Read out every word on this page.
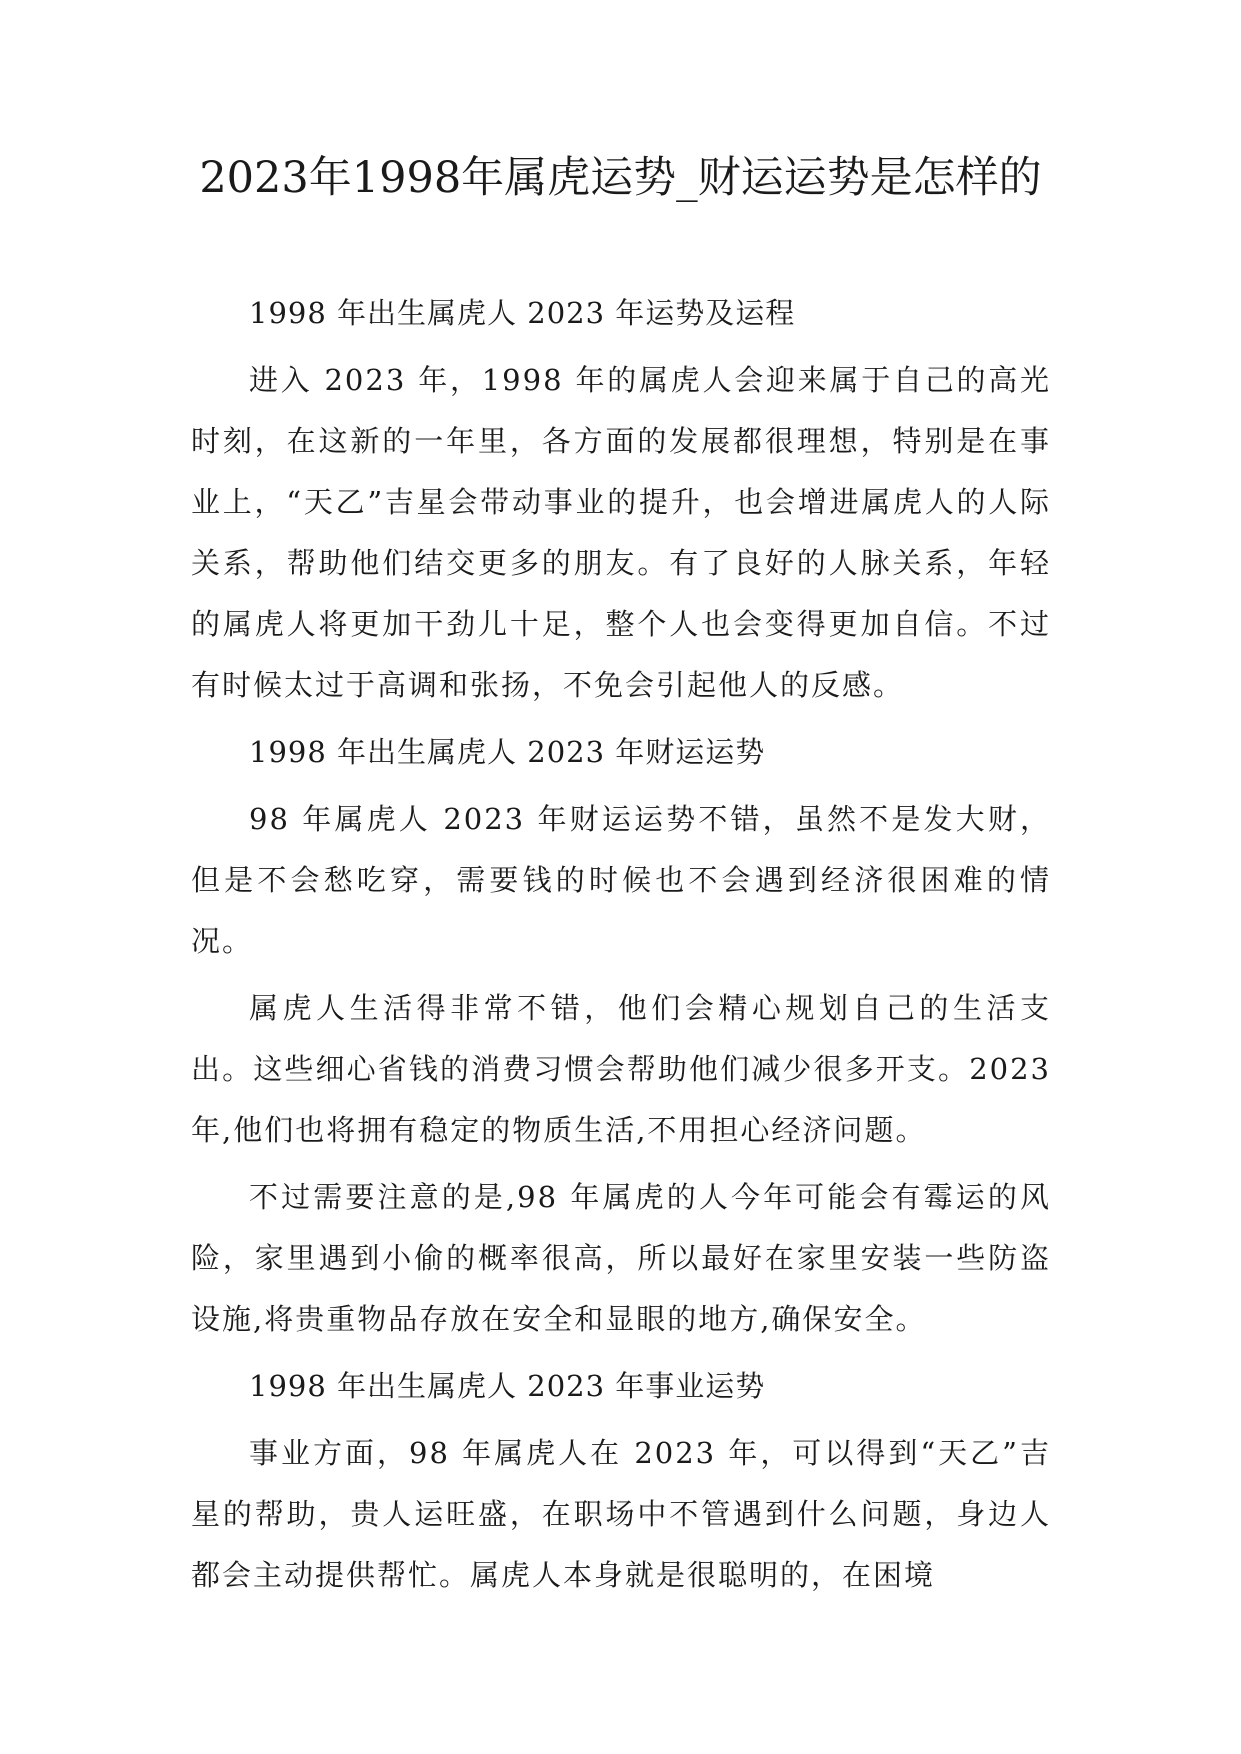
2023年1998年属虎运势_财运运势是怎样的

1998 年出生属虎人 2023 年运势及运程

进入 2023 年，1998 年的属虎人会迎来属于自己的高光时刻，在这新的一年里，各方面的发展都很理想，特别是在事业上，“天乙”吉星会带动事业的提升，也会增进属虎人的人际关系，帮助他们结交更多的朋友。有了良好的人脉关系，年轻的属虎人将更加干劲儿十足，整个人也会变得更加自信。不过有时候太过于高调和张扬，不免会引起他人的反感。

1998 年出生属虎人 2023 年财运运势

98 年属虎人 2023 年财运运势不错，虽然不是发大财，但是不会愁吃穿，需要钱的时候也不会遇到经济很困难的情况。

属虎人生活得非常不错，他们会精心规划自己的生活支出。这些细心省钱的消费习惯会帮助他们减少很多开支。2023 年,他们也将拥有稳定的物质生活,不用担心经济问题。

不过需要注意的是,98 年属虎的人今年可能会有霉运的风险，家里遇到小偷的概率很高，所以最好在家里安装一些防盗设施,将贵重物品存放在安全和显眼的地方,确保安全。

1998 年出生属虎人 2023 年事业运势

事业方面，98 年属虎人在 2023 年，可以得到“天乙”吉星的帮助，贵人运旺盛，在职场中不管遇到什么问题，身边人都会主动提供帮忙。属虎人本身就是很聪明的，在困境
